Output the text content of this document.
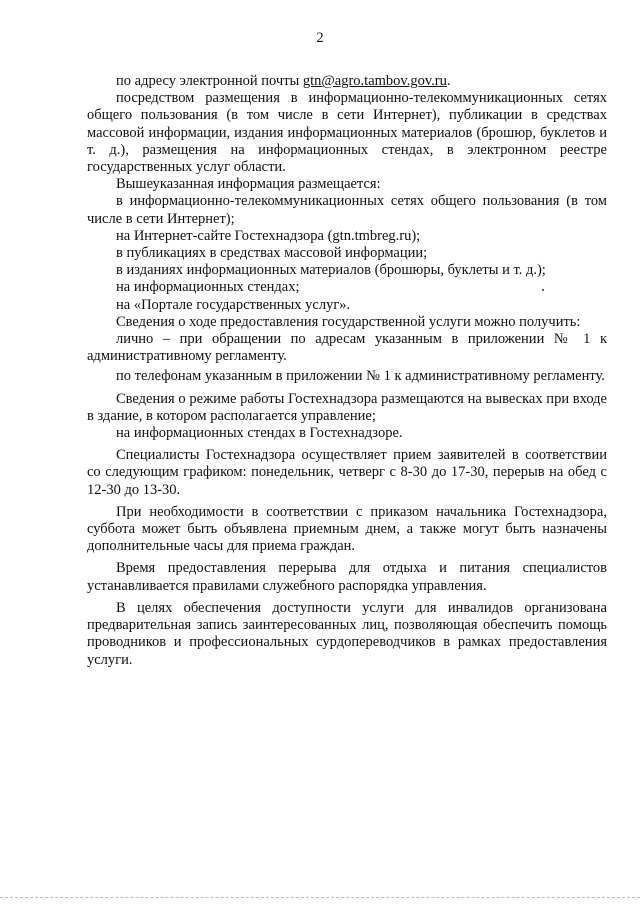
2

по адресу электронной почты gtn@agro.tambov.gov.ru.

посредством размещения в информационно-телекоммуникационных сетях общего пользования (в том числе в сети Интернет), публикации в средствах массовой информации, издания информационных материалов (брошюр, буклетов и т. д.), размещения на информационных стендах, в электронном реестре государственных услуг области.

Вышеуказанная информация размещается:

в информационно-телекоммуникационных сетях общего пользования (в том числе в сети Интернет);

на Интернет-сайте Гостехнадзора (gtn.tmbreg.ru);

в публикациях в средствах массовой информации;

в изданиях информационных материалов (брошюры, буклеты и т. д.);

на информационных стендах;

на «Портале государственных услуг».

Сведения о ходе предоставления государственной услуги можно получить:

лично – при обращении по адресам указанным в приложении № 1 к административному регламенту.

по телефонам указанным в приложении № 1 к административному регламенту.

Сведения о режиме работы Гостехнадзора размещаются на вывесках при входе в здание, в котором располагается управление;

на информационных стендах в Гостехнадзоре.

Специалисты Гостехнадзора осуществляет прием заявителей в соответствии со следующим графиком: понедельник, четверг с 8-30 до 17-30, перерыв на обед с 12-30 до 13-30.

При необходимости в соответствии с приказом начальника Гостехнадзора, суббота может быть объявлена приемным днем, а также могут быть назначены дополнительные часы для приема граждан.

Время предоставления перерыва для отдыха и питания специалистов устанавливается правилами служебного распорядка управления.

В целях обеспечения доступности услуги для инвалидов организована предварительная запись заинтересованных лиц, позволяющая обеспечить помощь проводников и профессиональных сурдопереводчиков в рамках предоставления услуги.
